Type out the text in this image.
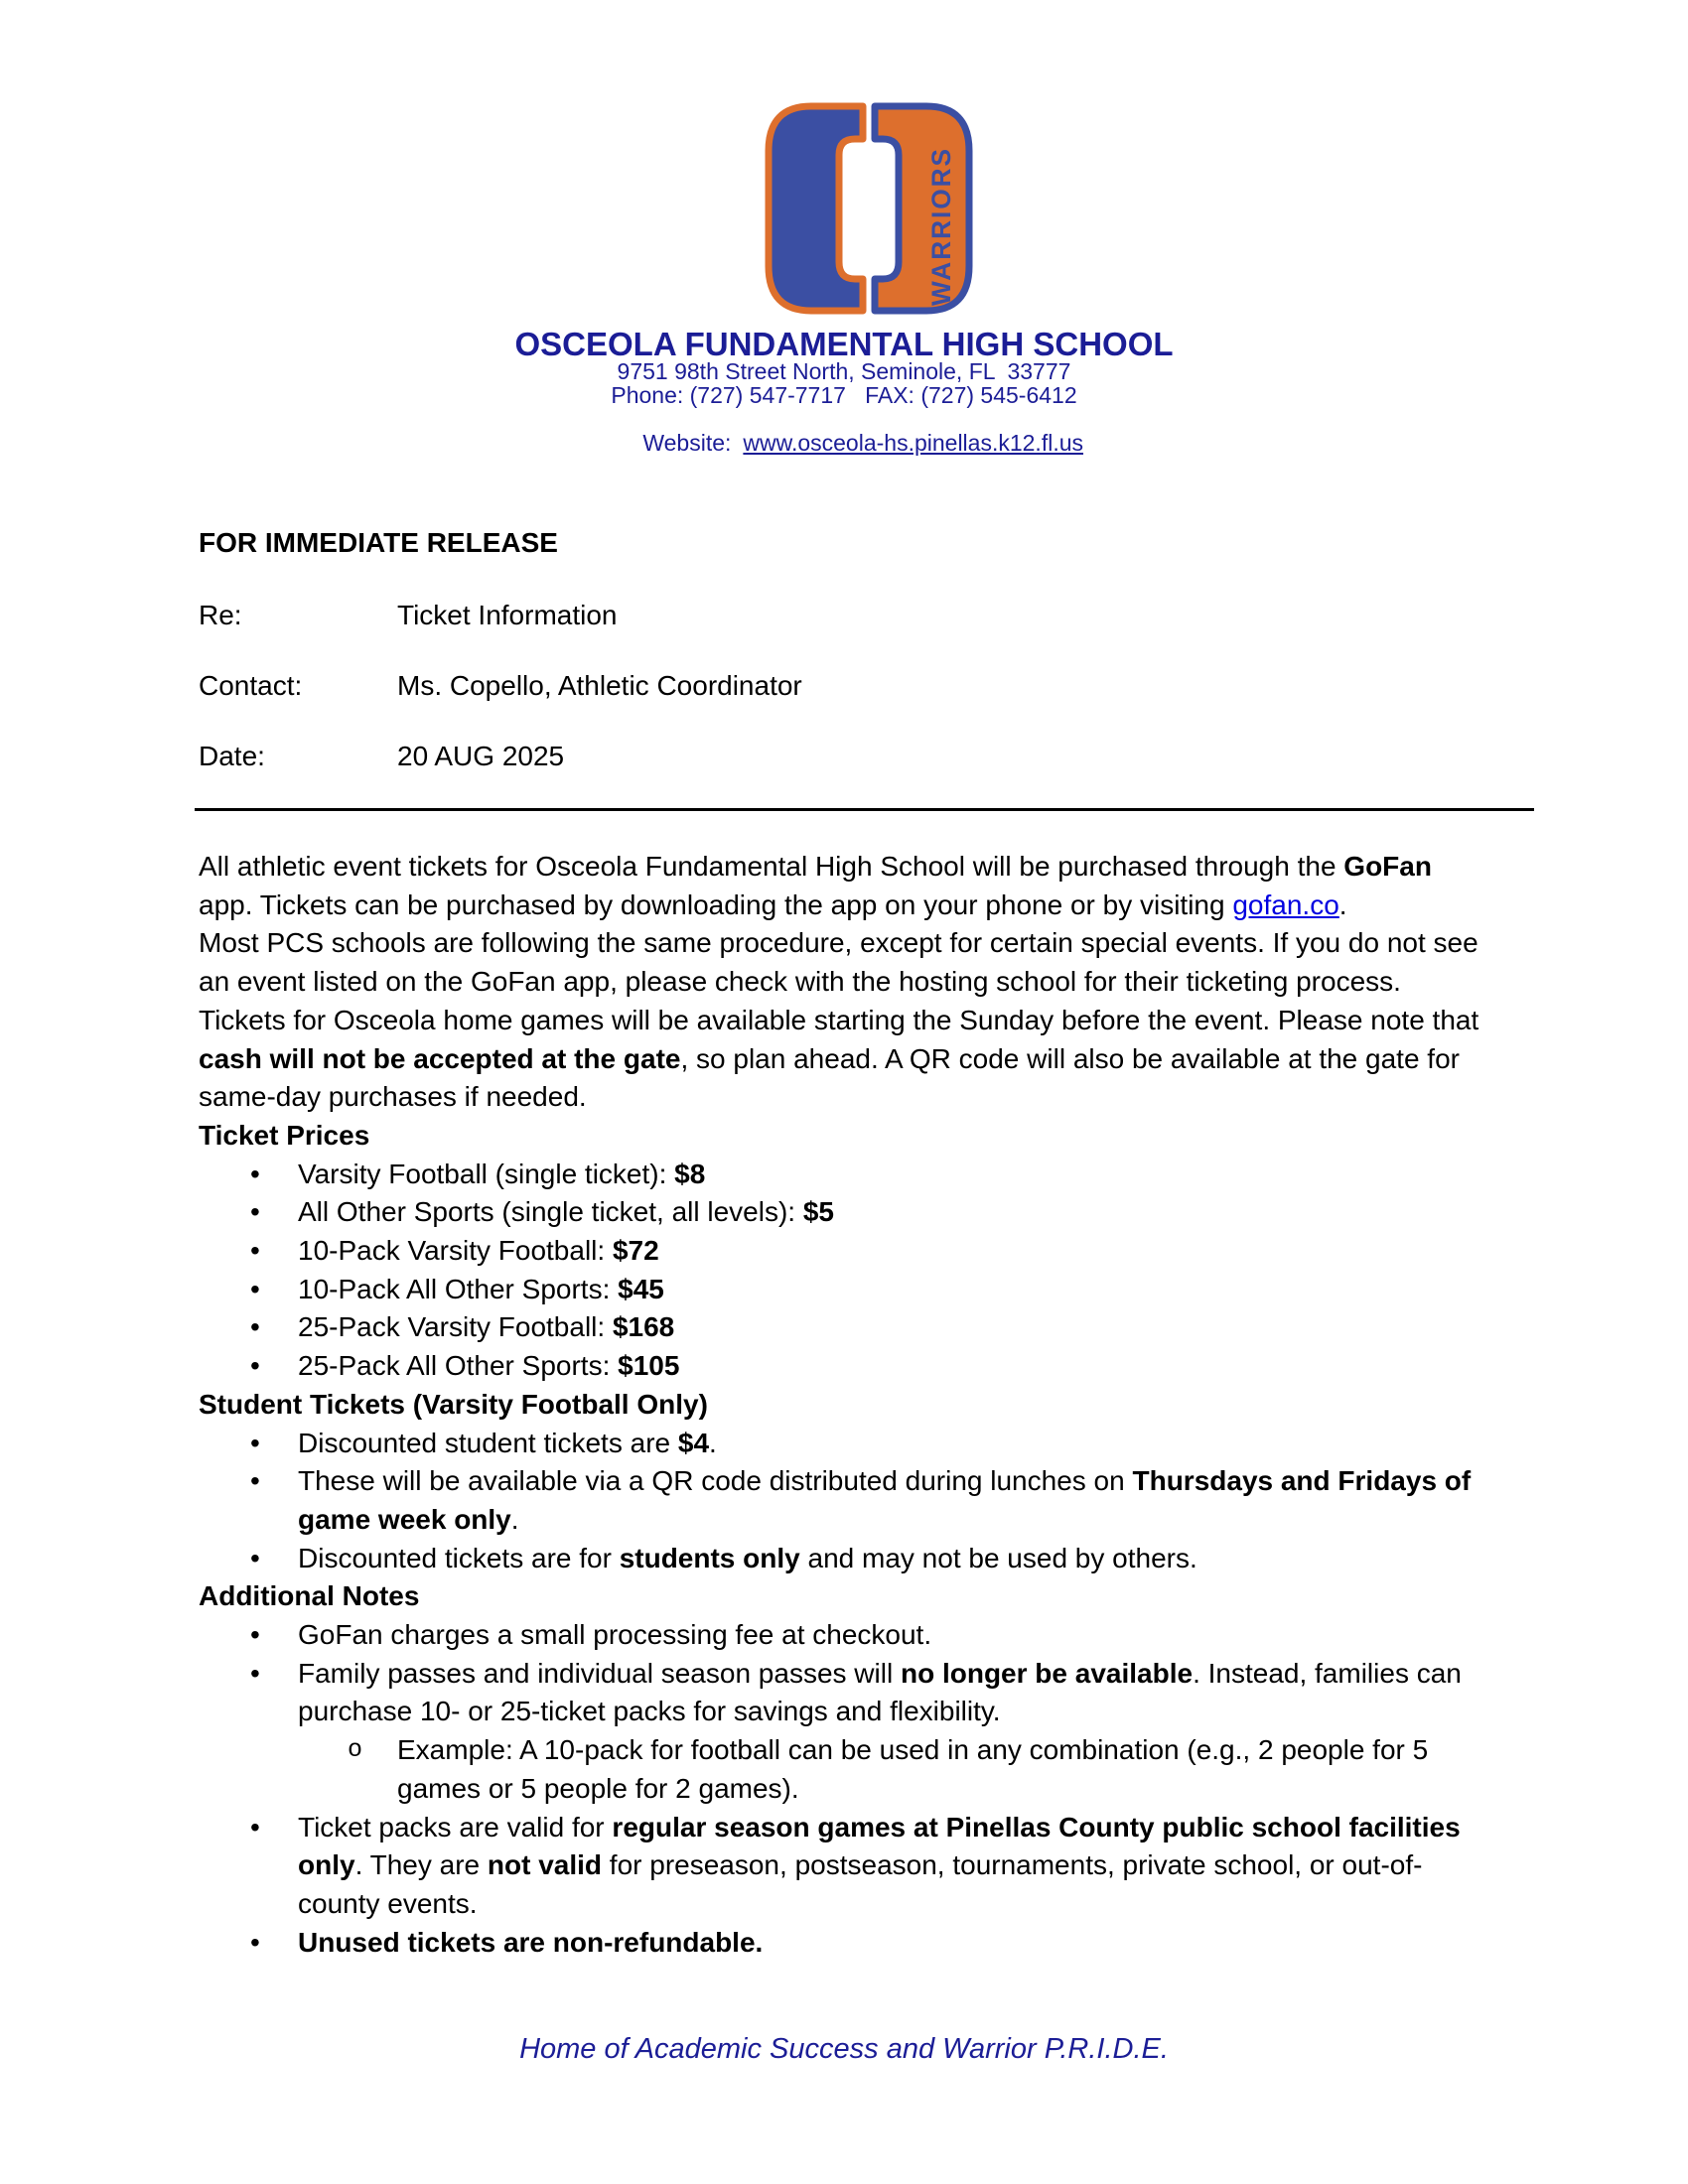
WARRIORS
OSCEOLA FUNDAMENTAL HIGH SCHOOL
9751 98th Street North, Seminole, FL  33777
Phone: (727) 547-7717   FAX: (727) 545-6412

Website: www.osceola-hs.pinellas.k12.fl.us

FOR IMMEDIATE RELEASE
Re:	Ticket Information
Contact:	Ms. Copello, Athletic Coordinator
Date:	20 AUG 2025

All athletic event tickets for Osceola Fundamental High School will be purchased through the GoFan app. Tickets can be purchased by downloading the app on your phone or by visiting gofan.co.

Most PCS schools are following the same procedure, except for certain special events. If you do not see an event listed on the GoFan app, please check with the hosting school for their ticketing process.

Tickets for Osceola home games will be available starting the Sunday before the event. Please note that cash will not be accepted at the gate, so plan ahead. A QR code will also be available at the gate for same-day purchases if needed.

Ticket Prices
• Varsity Football (single ticket): $8
• All Other Sports (single ticket, all levels): $5
• 10-Pack Varsity Football: $72
• 10-Pack All Other Sports: $45
• 25-Pack Varsity Football: $168
• 25-Pack All Other Sports: $105
Student Tickets (Varsity Football Only)
• Discounted student tickets are $4.
• These will be available via a QR code distributed during lunches on Thursdays and Fridays of game week only.
• Discounted tickets are for students only and may not be used by others.
Additional Notes
• GoFan charges a small processing fee at checkout.
• Family passes and individual season passes will no longer be available. Instead, families can purchase 10- or 25-ticket packs for savings and flexibility.
o Example: A 10-pack for football can be used in any combination (e.g., 2 people for 5 games or 5 people for 2 games).
• Ticket packs are valid for regular season games at Pinellas County public school facilities only. They are not valid for preseason, postseason, tournaments, private school, or out-of-county events.
• Unused tickets are non-refundable.
Home of Academic Success and Warrior P.R.I.D.E.
